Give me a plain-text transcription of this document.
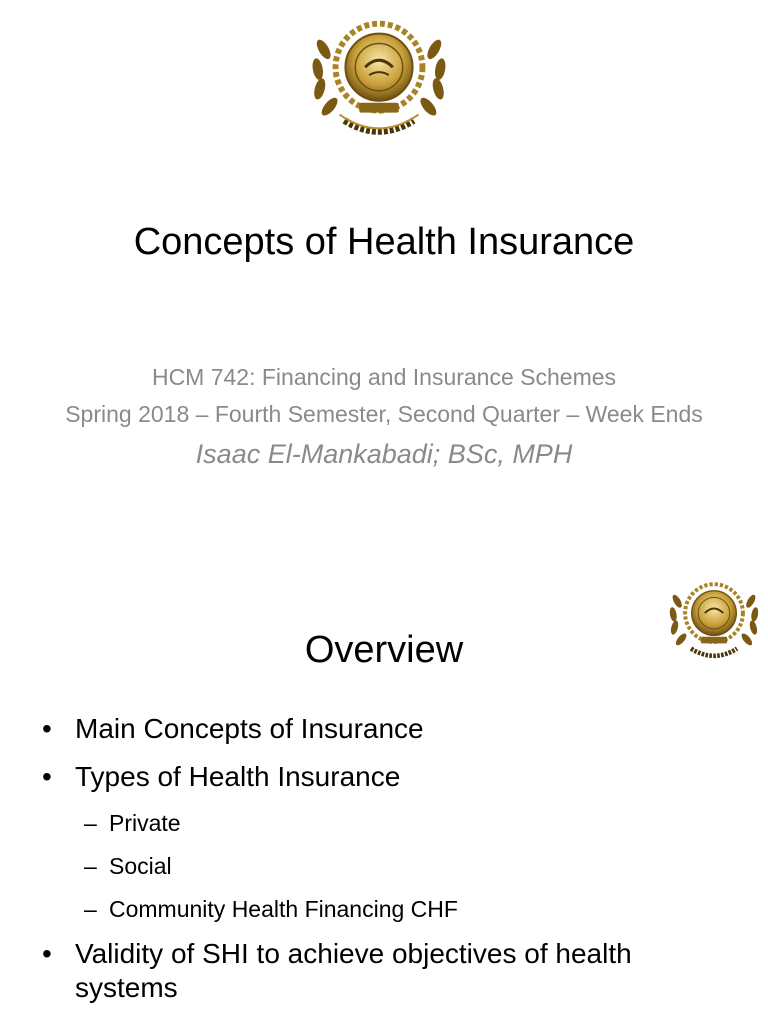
Concepts of Health Insurance
HCM 742: Financing and Insurance Schemes
Spring 2018 – Fourth Semester, Second Quarter – Week Ends
Isaac El-Mankabadi; BSc, MPH
Overview
• Main Concepts of Insurance
• Types of Health Insurance
– Private
– Social
– Community Health Financing CHF
• Validity of SHI to achieve objectives of health systems
